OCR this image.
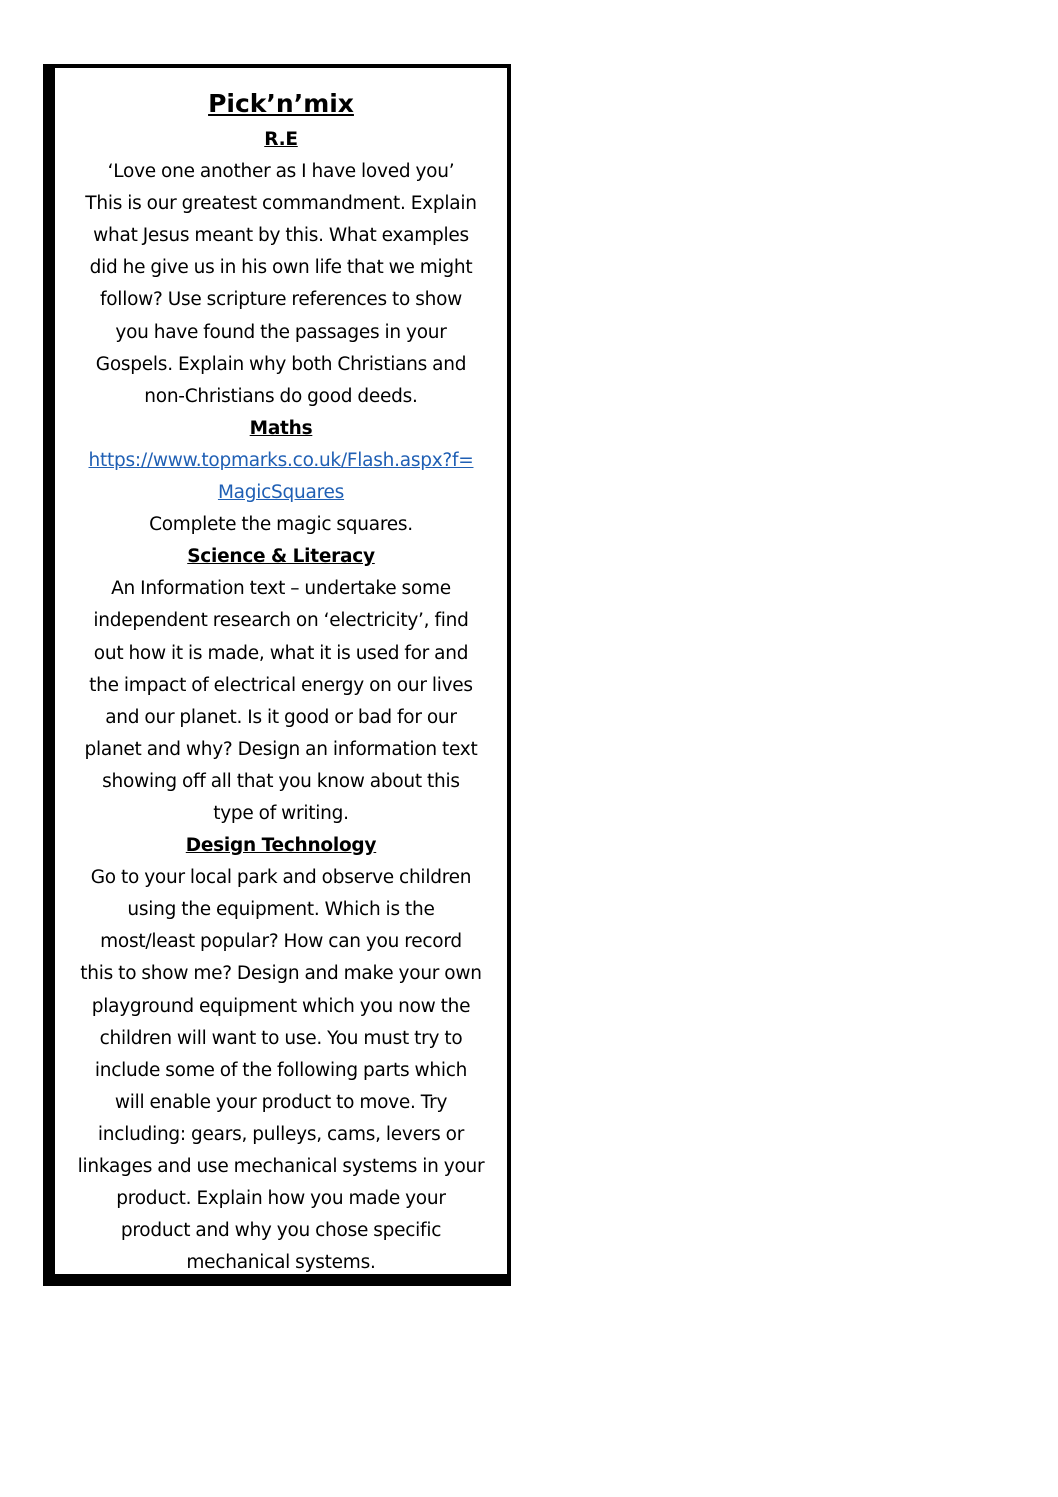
Pick’n’mix
R.E
‘Love one another as I have loved you’
This is our greatest commandment. Explain
what Jesus meant by this. What examples
did he give us in his own life that we might
follow? Use scripture references to show
you have found the passages in your
Gospels. Explain why both Christians and
non-Christians do good deeds.
Maths
https://www.topmarks.co.uk/Flash.aspx?f=
MagicSquares
Complete the magic squares.
Science & Literacy
An Information text – undertake some
independent research on ‘electricity’, find
out how it is made, what it is used for and
the impact of electrical energy on our lives
and our planet. Is it good or bad for our
planet and why? Design an information text
showing off all that you know about this
type of writing.
Design Technology
Go to your local park and observe children
using the equipment. Which is the
most/least popular? How can you record
this to show me? Design and make your own
playground equipment which you now the
children will want to use. You must try to
include some of the following parts which
will enable your product to move. Try
including: gears, pulleys, cams, levers or
linkages and use mechanical systems in your
product. Explain how you made your
product and why you chose specific
mechanical systems.
